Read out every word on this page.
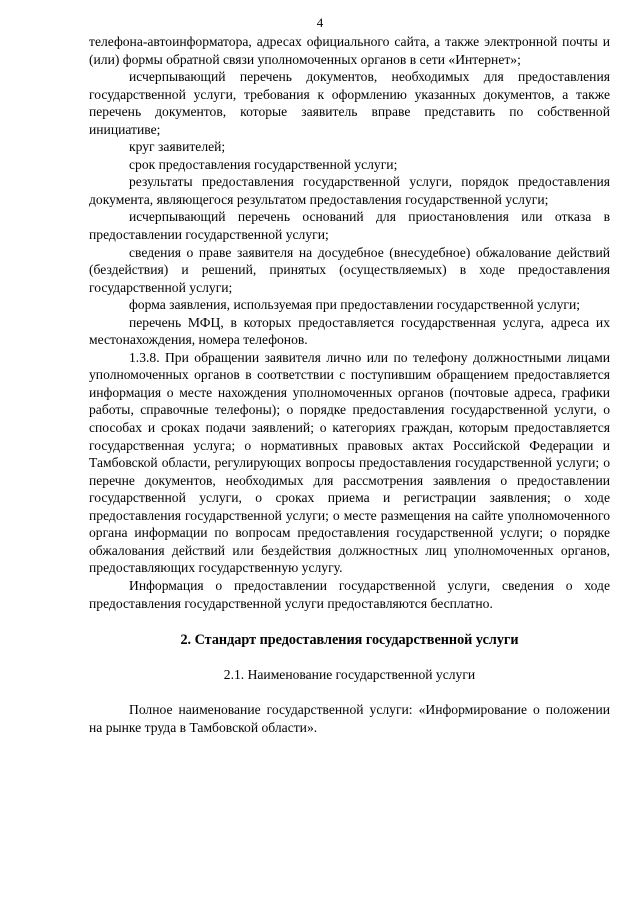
4

телефона-автоинформатора, адресах официального сайта, а также электронной почты и (или) формы обратной связи уполномоченных органов в сети «Интернет»;

исчерпывающий перечень документов, необходимых для предоставления государственной услуги, требования к оформлению указанных документов, а также перечень документов, которые заявитель вправе представить по собственной инициативе;

круг заявителей;

срок предоставления государственной услуги;

результаты предоставления государственной услуги, порядок предоставления документа, являющегося результатом предоставления государственной услуги;

исчерпывающий перечень оснований для приостановления или отказа в предоставлении государственной услуги;

сведения о праве заявителя на досудебное (внесудебное) обжалование действий (бездействия) и решений, принятых (осуществляемых) в ходе предоставления государственной услуги;

форма заявления, используемая при предоставлении государственной услуги;

перечень МФЦ, в которых предоставляется государственная услуга, адреса их местонахождения, номера телефонов.

1.3.8. При обращении заявителя лично или по телефону должностными лицами уполномоченных органов в соответствии с поступившим обращением предоставляется информация о месте нахождения уполномоченных органов (почтовые адреса, графики работы, справочные телефоны); о порядке предоставления государственной услуги, о способах и сроках подачи заявлений; о категориях граждан, которым предоставляется государственная услуга; о нормативных правовых актах Российской Федерации и Тамбовской области, регулирующих вопросы предоставления государственной услуги; о перечне документов, необходимых для рассмотрения заявления о предоставлении государственной услуги, о сроках приема и регистрации заявления; о ходе предоставления государственной услуги; о месте размещения на сайте уполномоченного органа информации по вопросам предоставления государственной услуги; о порядке обжалования действий или бездействия должностных лиц уполномоченных органов, предоставляющих государственную услугу.

Информация о предоставлении государственной услуги, сведения о ходе предоставления государственной услуги предоставляются бесплатно.

2. Стандарт предоставления государственной услуги

2.1. Наименование государственной услуги

Полное наименование государственной услуги: «Информирование о положении на рынке труда в Тамбовской области».
